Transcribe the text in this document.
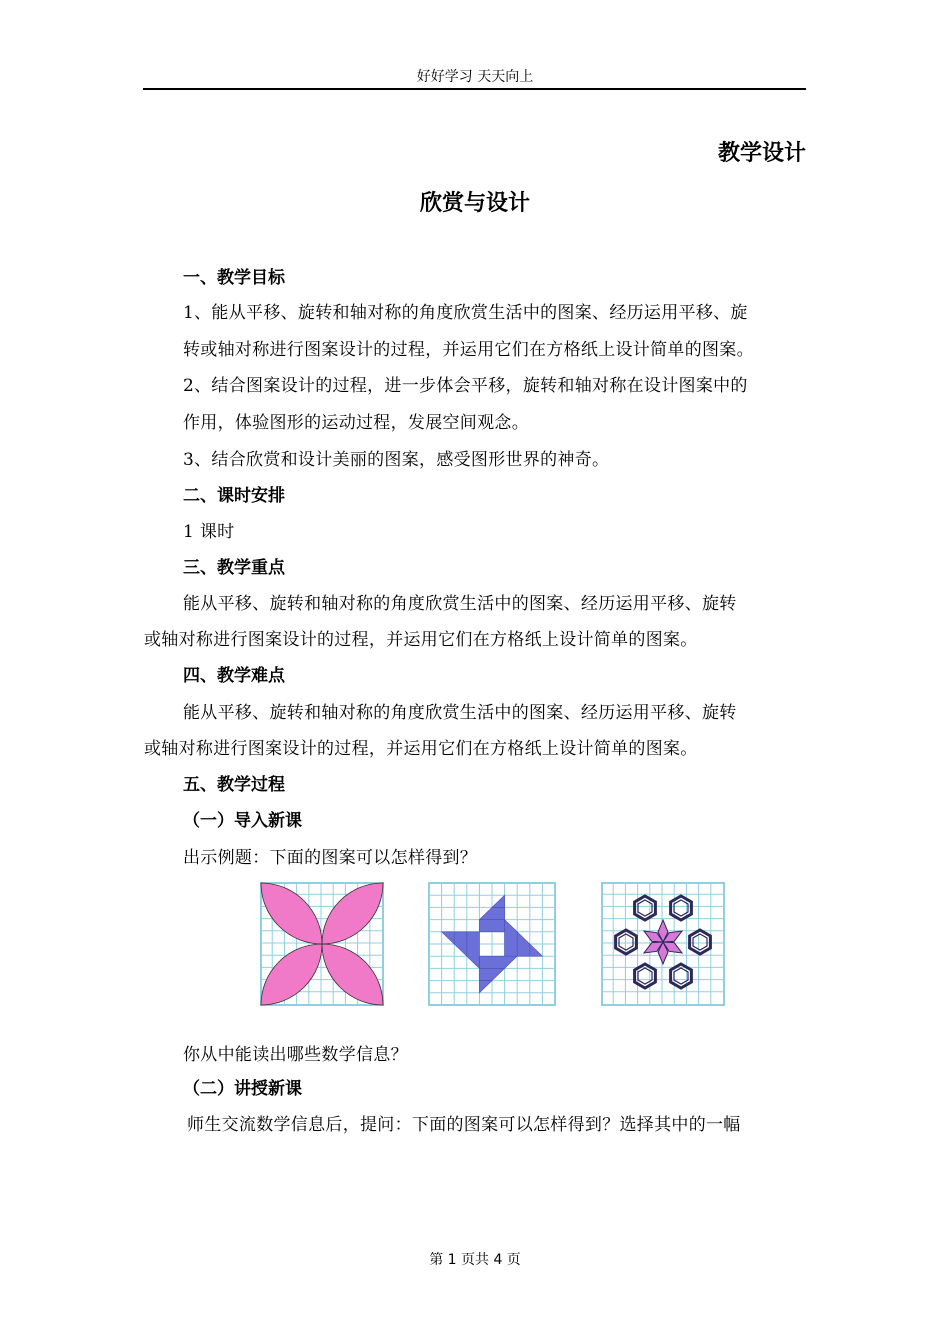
好好学习 天天向上
教学设计
欣赏与设计
一、教学目标
1、能从平移、旋转和轴对称的角度欣赏生活中的图案、经历运用平移、旋
转或轴对称进行图案设计的过程，并运用它们在方格纸上设计简单的图案。
2、结合图案设计的过程，进一步体会平移，旋转和轴对称在设计图案中的
作用，体验图形的运动过程，发展空间观念。
3、结合欣赏和设计美丽的图案，感受图形世界的神奇。
二、课时安排
1 课时
三、教学重点
能从平移、旋转和轴对称的角度欣赏生活中的图案、经历运用平移、旋转
或轴对称进行图案设计的过程，并运用它们在方格纸上设计简单的图案。
四、教学难点
能从平移、旋转和轴对称的角度欣赏生活中的图案、经历运用平移、旋转
或轴对称进行图案设计的过程，并运用它们在方格纸上设计简单的图案。
五、教学过程
（一）导入新课
出示例题：下面的图案可以怎样得到？
你从中能读出哪些数学信息？
（二）讲授新课
师生交流数学信息后，提问：下面的图案可以怎样得到？选择其中的一幅
第 1 页共 4 页
